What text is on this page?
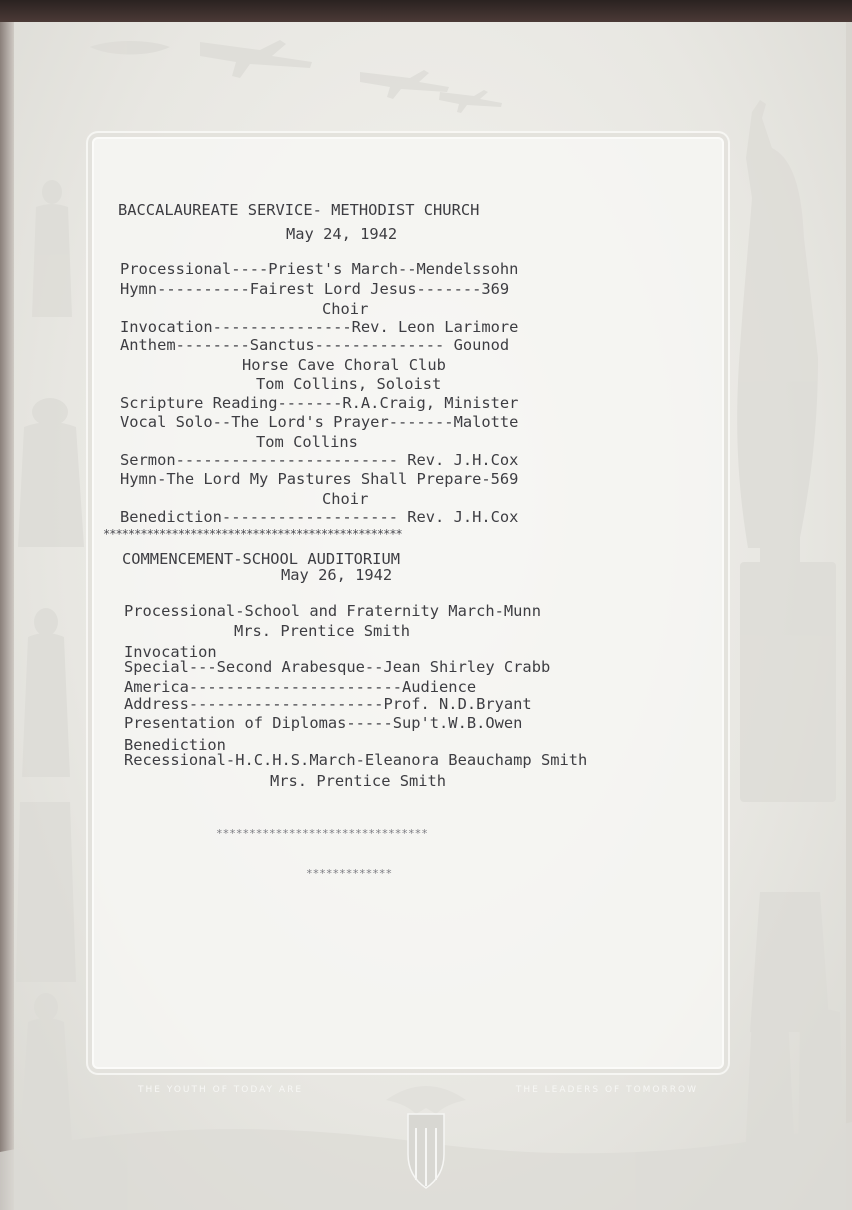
THE YOUTH OF TODAY ARE	THE LEADERS OF TOMORROW
BACCALAUREATE SERVICE- METHODIST CHURCH
May 24, 1942
Processional----Priest's March--Mendelssohn
Hymn----------Fairest Lord Jesus-------369
Choir
Invocation---------------Rev. Leon Larimore
Anthem--------Sanctus-------------- Gounod
Horse Cave Choral Club
Tom Collins, Soloist
Scripture Reading-------R.A.Craig, Minister
Vocal Solo--The Lord's Prayer-------Malotte
Tom Collins
Sermon------------------------ Rev. J.H.Cox
Hymn-The Lord My Pastures Shall Prepare-569
Choir
Benediction------------------- Rev. J.H.Cox
************************************************
COMMENCEMENT-SCHOOL AUDITORIUM
May 26, 1942
Processional-School and Fraternity March-Munn
Mrs. Prentice Smith
Invocation
Special---Second Arabesque--Jean Shirley Crabb
America-----------------------Audience
Address---------------------Prof. N.D.Bryant
Presentation of Diplomas-----Sup't.W.B.Owen
Benediction
Recessional-H.C.H.S.March-Eleanora Beauchamp Smith
Mrs. Prentice Smith
********************************
*************
